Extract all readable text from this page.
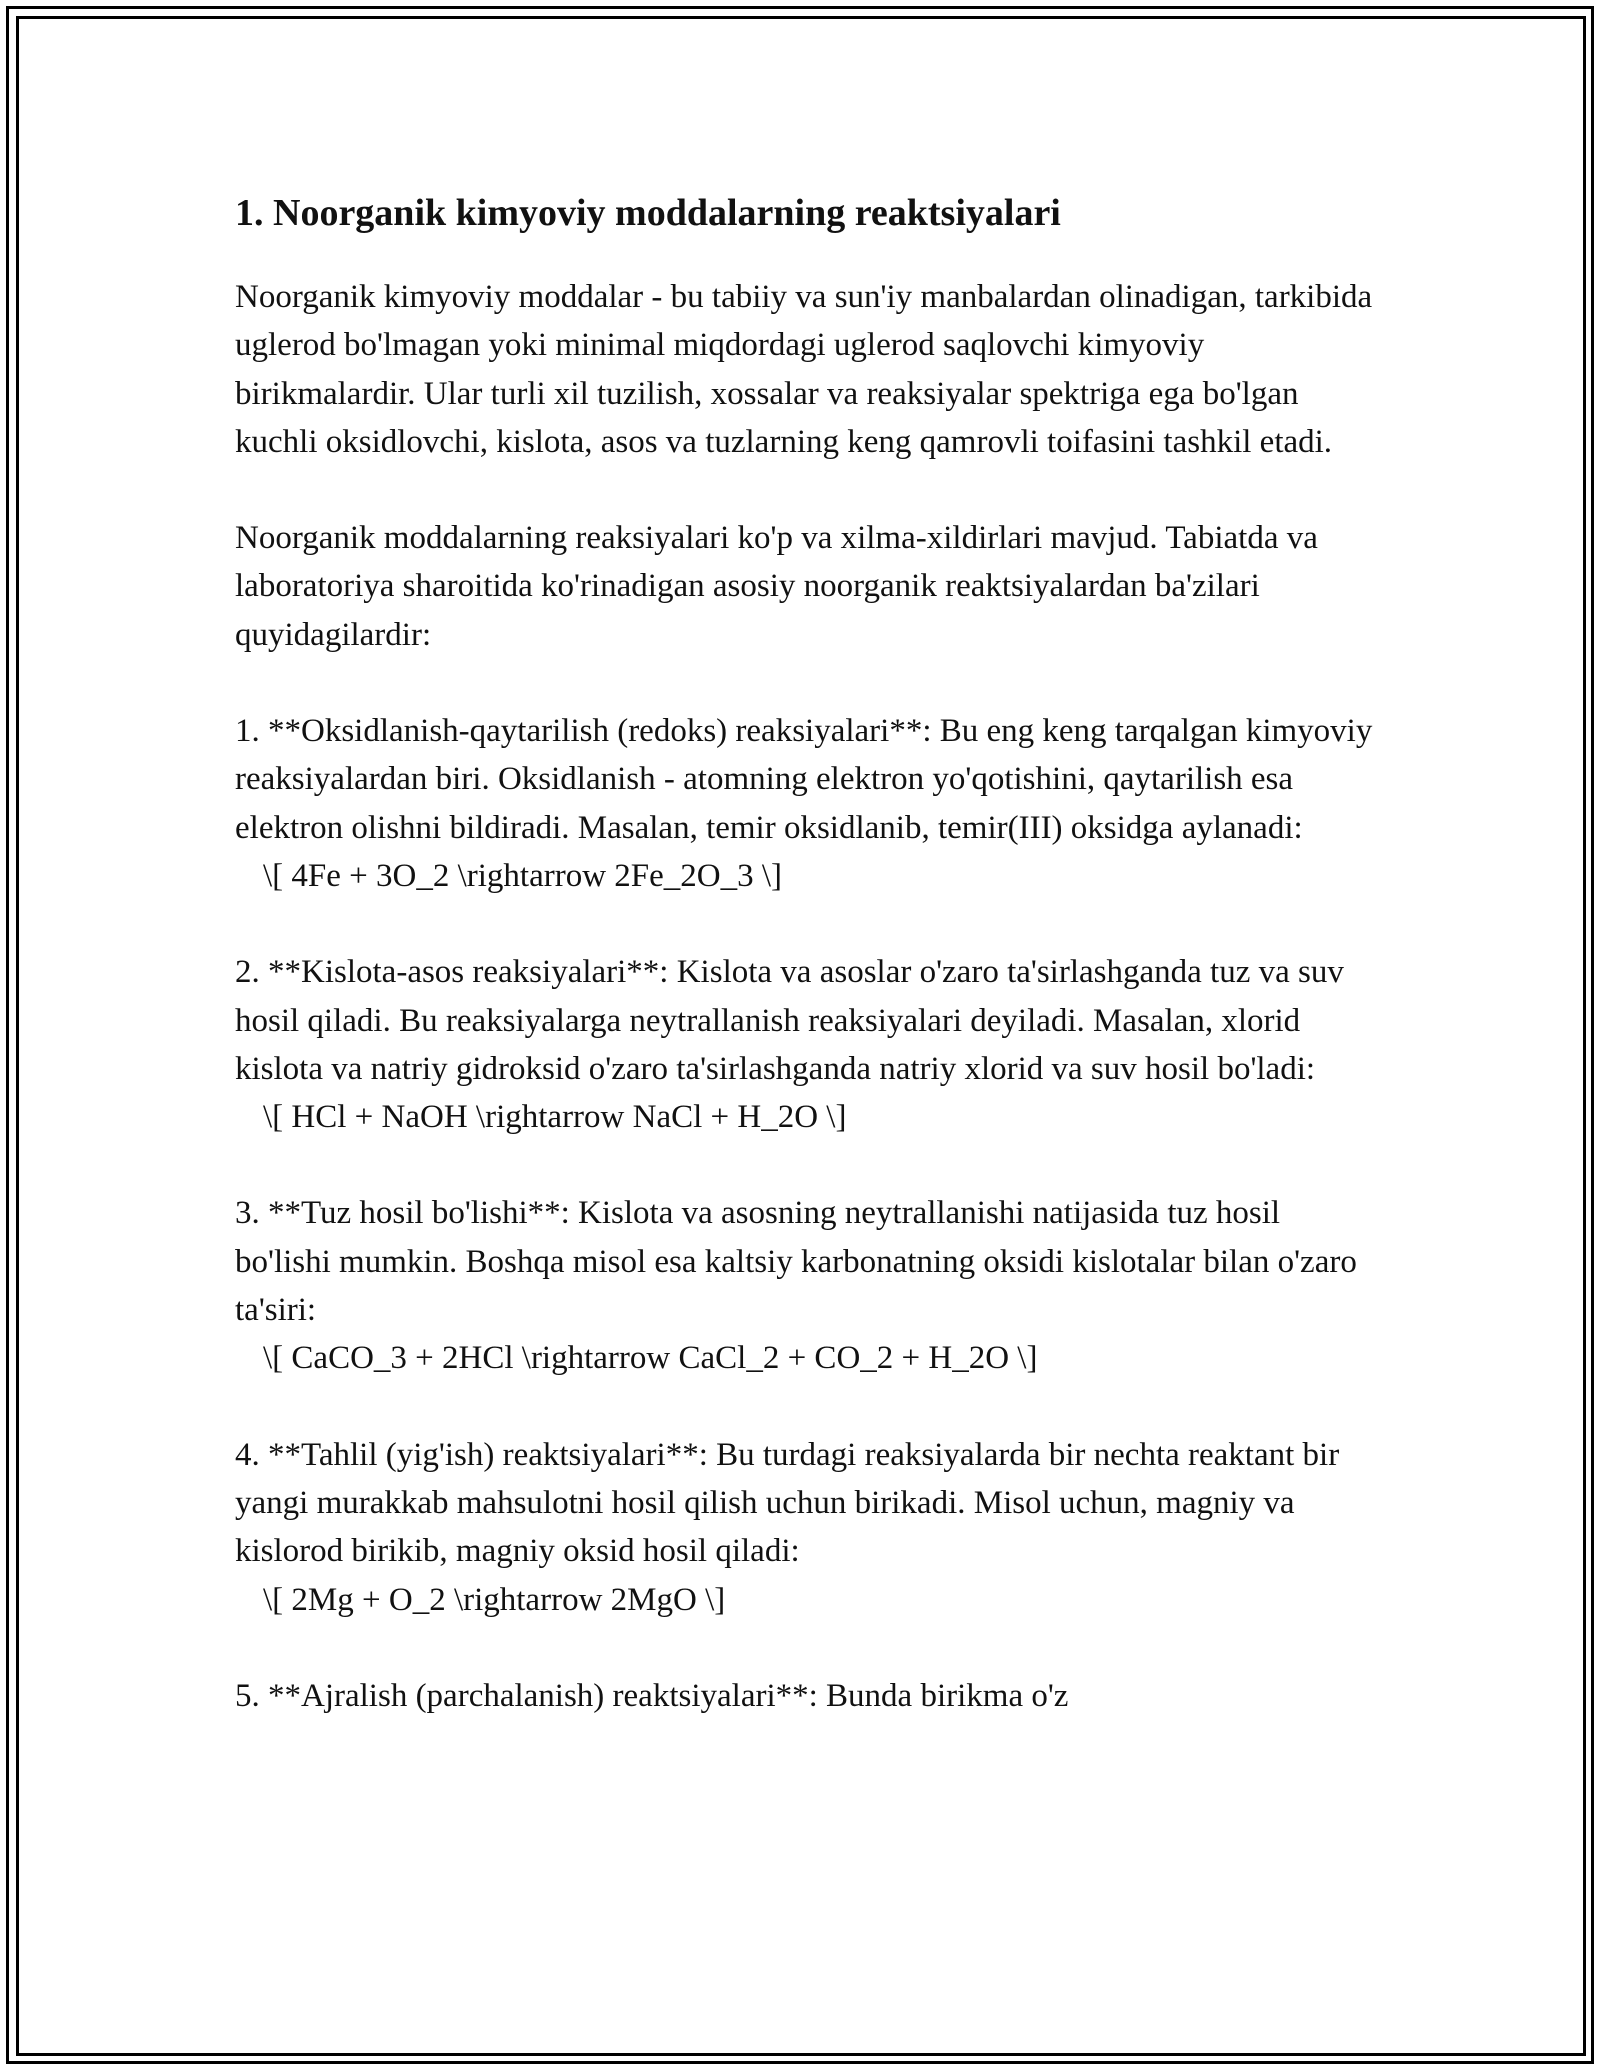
1. Noorganik kimyoviy moddalarning reaktsiyalari

Noorganik kimyoviy moddalar - bu tabiiy va sun'iy manbalardan olinadigan, tarkibida uglerod bo'lmagan yoki minimal miqdordagi uglerod saqlovchi kimyoviy birikmalardir. Ular turli xil tuzilish, xossalar va reaksiyalar spektriga ega bo'lgan kuchli oksidlovchi, kislota, asos va tuzlarning keng qamrovli toifasini tashkil etadi.

Noorganik moddalarning reaksiyalari ko'p va xilma-xildirlari mavjud. Tabiatda va laboratoriya sharoitida ko'rinadigan asosiy noorganik reaktsiyalardan ba'zilari quyidagilardir:

1. **Oksidlanish-qaytarilish (redoks) reaksiyalari**: Bu eng keng tarqalgan kimyoviy reaksiyalardan biri. Oksidlanish - atomning elektron yo'qotishini, qaytarilish esa elektron olishni bildiradi. Masalan, temir oksidlanib, temir(III) oksidga aylanadi:
\[ 4Fe + 3O_2 \rightarrow 2Fe_2O_3 \]

2. **Kislota-asos reaksiyalari**: Kislota va asoslar o'zaro ta'sirlashganda tuz va suv hosil qiladi. Bu reaksiyalarga neytrallanish reaksiyalari deyiladi. Masalan, xlorid kislota va natriy gidroksid o'zaro ta'sirlashganda natriy xlorid va suv hosil bo'ladi:
\[ HCl + NaOH \rightarrow NaCl + H_2O \]

3. **Tuz hosil bo'lishi**: Kislota va asosning neytrallanishi natijasida tuz hosil bo'lishi mumkin. Boshqa misol esa kaltsiy karbonatning oksidi kislotalar bilan o'zaro ta'siri:
\[ CaCO_3 + 2HCl \rightarrow CaCl_2 + CO_2 + H_2O \]

4. **Tahlil (yig'ish) reaktsiyalari**: Bu turdagi reaksiyalarda bir nechta reaktant bir yangi murakkab mahsulotni hosil qilish uchun birikadi. Misol uchun, magniy va kislorod birikib, magniy oksid hosil qiladi:
\[ 2Mg + O_2 \rightarrow 2MgO \]

5. **Ajralish (parchalanish) reaktsiyalari**: Bunda birikma o'z
